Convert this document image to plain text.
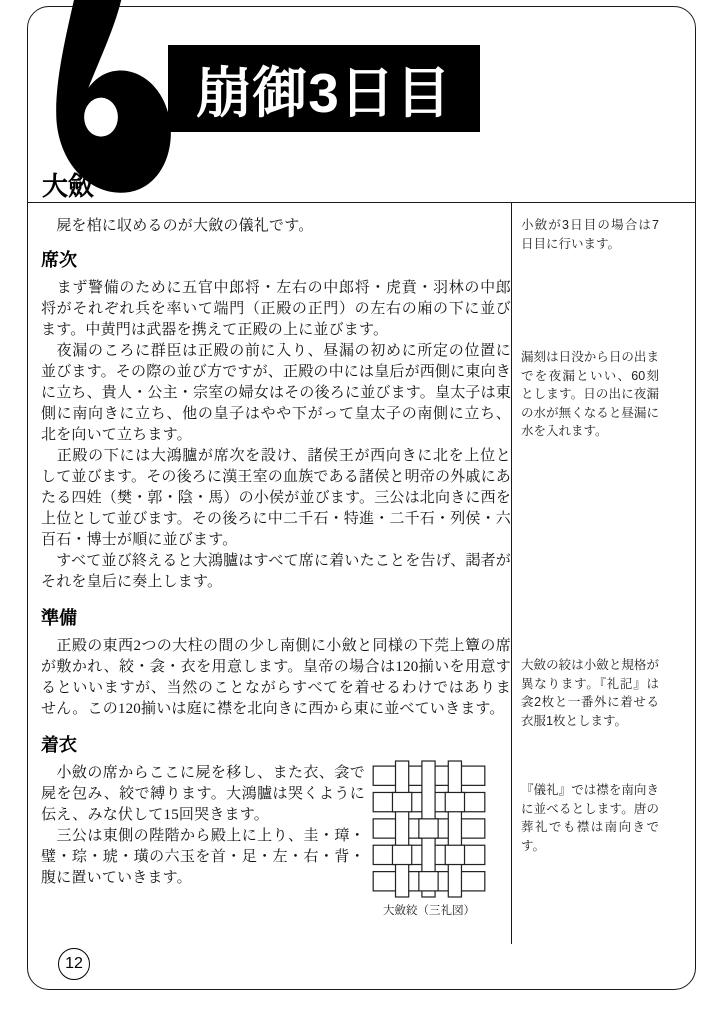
崩御3日目
大斂

　屍を棺に収めるのが大斂の儀礼です。

席次

　まず警備のために五官中郎将・左右の中郎将・虎賁・羽林の中郎将がそれぞれ兵を率いて端門（正殿の正門）の左右の廂の下に並びます。中黄門は武器を携えて正殿の上に並びます。

　夜漏のころに群臣は正殿の前に入り、昼漏の初めに所定の位置に並びます。その際の並び方ですが、正殿の中には皇后が西側に東向きに立ち、貴人・公主・宗室の婦女はその後ろに並びます。皇太子は東側に南向きに立ち、他の皇子はやや下がって皇太子の南側に立ち、北を向いて立ちます。

　正殿の下には大鴻臚が席次を設け、諸侯王が西向きに北を上位として並びます。その後ろに漢王室の血族である諸侯と明帝の外戚にあたる四姓（樊・郭・陰・馬）の小侯が並びます。三公は北向きに西を上位として並びます。その後ろに中二千石・特進・二千石・列侯・六百石・博士が順に並びます。

　すべて並び終えると大鴻臚はすべて席に着いたことを告げ、謁者がそれを皇后に奏上します。

準備

　正殿の東西2つの大柱の間の少し南側に小斂と同様の下莞上簟の席が敷かれ、絞・衾・衣を用意します。皇帝の場合は120揃いを用意するといいますが、当然のことながらすべてを着せるわけではありません。この120揃いは庭に襟を北向きに西から東に並べていきます。

着衣

　小斂の席からここに屍を移し、また衣、衾で屍を包み、絞で縛ります。大鴻臚は哭くように伝え、みな伏して15回哭きます。

　三公は東側の陛階から殿上に上り、圭・璋・璧・琮・琥・璜の六玉を首・足・左・右・背・腹に置いていきます。

小斂が3日目の場合は7日目に行います。
漏刻は日没から日の出までを夜漏といい、60刻とします。日の出に夜漏の水が無くなると昼漏に水を入れます。
大斂の絞は小斂と規格が異なります。『礼記』は衾2枚と一番外に着せる衣服1枚とします。
『儀礼』では襟を南向きに並べるとします。唐の葬礼でも襟は南向きです。
大斂絞（三礼図）
12
